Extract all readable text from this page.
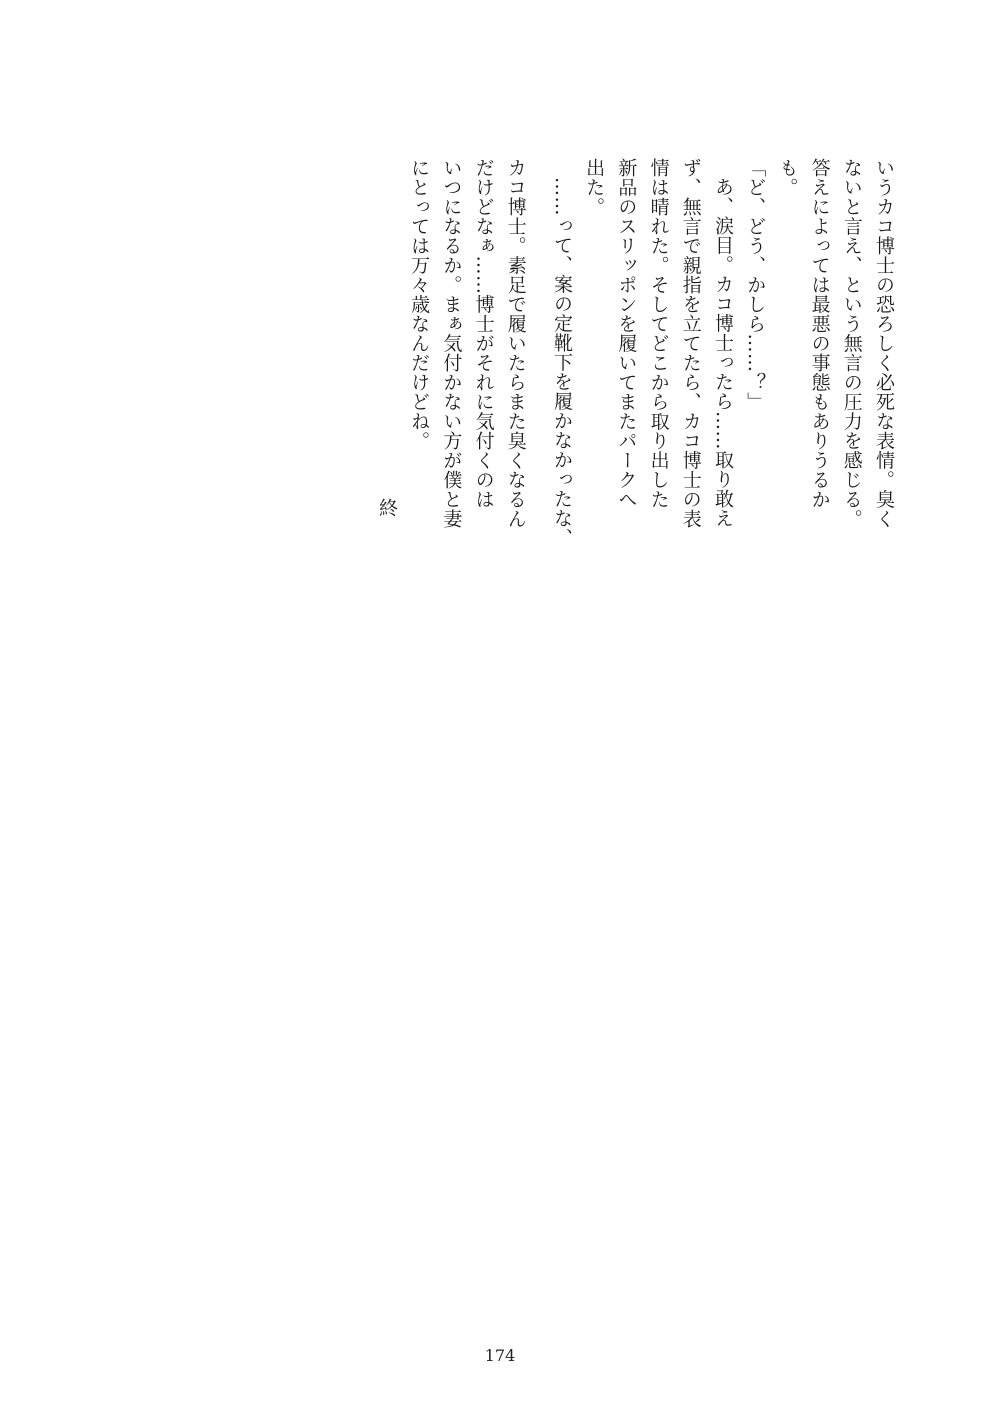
いうカコ博士の恐ろしく必死な表情。臭く
ないと言え、という無言の圧力を感じる。
答えによっては最悪の事態もありうるか
も。
「ど、どう、かしら……？」
あ、涙目。カコ博士ったら……取り敢え
ず、無言で親指を立てたら、カコ博士の表
情は晴れた。そしてどこから取り出した
新品のスリッポンを履いてまたパークへ
出た。
……って、案の定靴下を履かなかったな、
カコ博士。素足で履いたらまた臭くなるん
だけどなぁ……博士がそれに気付くのは
いつになるか。まぁ気付かない方が僕と妻
にとっては万々歳なんだけどね。
終
174
